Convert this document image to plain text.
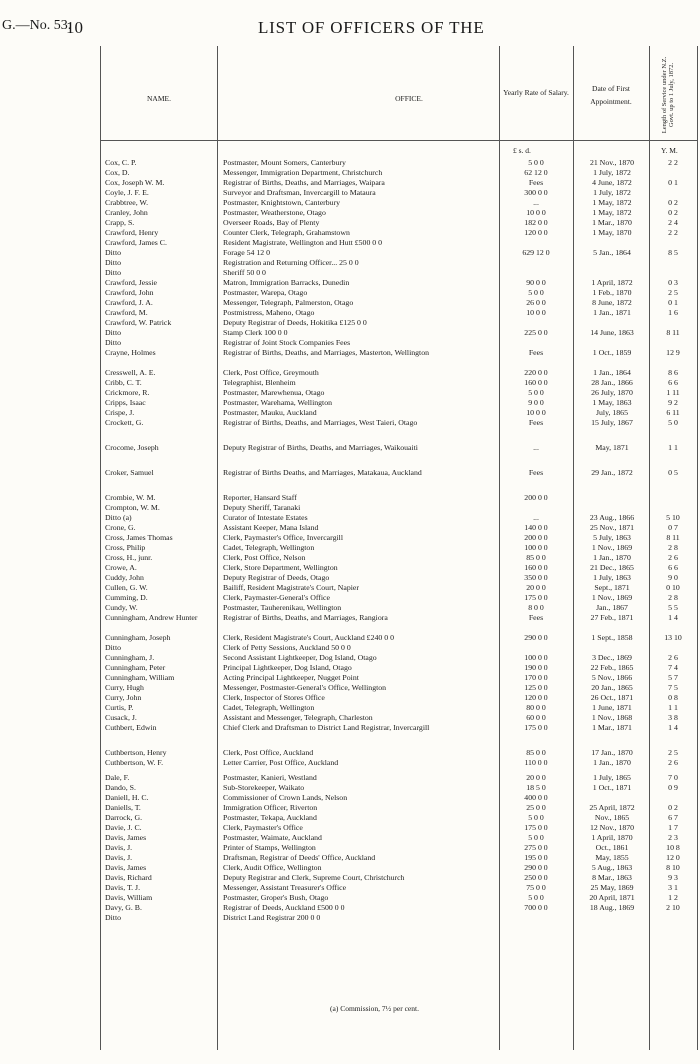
G.—No. 53.
10	LIST OF OFFICERS OF THE
NAME.	OFFICE.
Yearly Rate of Salary.	Date of First Appointment.	Length of Service under N.Z. Govt. up to 1 July, 1872.
£ s. d.	Y. M.
Cox, C. P.	Postmaster, Mount Somers, Canterbury	5 0 0	21 Nov., 1870	2 2
Cox, D.	Messenger, Immigration Department, Christchurch	62 12 0	1 July, 1872
Cox, Joseph W. M.	Registrar of Births, Deaths, and Marriages, Waipara	Fees	4 June, 1872	0 1
Coyle, J. F. E.	Surveyor and Draftsman, Invercargill to Mataura	300 0 0	1 July, 1872
Crabbtree, W.	Postmaster, Knightstown, Canterbury	...	1 May, 1872	0 2
Cranley, John	Postmaster, Weatherstone, Otago	10 0 0	1 May, 1872	0 2
Crapp, S.	Overseer Roads, Bay of Plenty	182 0 0	1 Mar., 1870	2 4
Crawford, Henry	Counter Clerk, Telegraph, Grahamstown	120 0 0	1 May, 1870	2 2
Crawford, James C.	Resident Magistrate, Wellington and Hutt £500 0 0
Ditto	Forage 54 12 0	629 12 0	5 Jan., 1864	8 5
Ditto	Registration and Returning Officer... 25 0 0
Ditto	Sheriff 50 0 0
Crawford, Jessie	Matron, Immigration Barracks, Dunedin	90 0 0	1 April, 1872	0 3
Crawford, John	Postmaster, Warepa, Otago	5 0 0	1 Feb., 1870	2 5
Crawford, J. A.	Messenger, Telegraph, Palmerston, Otago	26 0 0	8 June, 1872	0 1
Crawford, M.	Postmistress, Maheno, Otago	10 0 0	1 Jan., 1871	1 6
Crawford, W. Patrick	Deputy Registrar of Deeds, Hokitika £125 0 0
Ditto	Stamp Clerk 100 0 0	225 0 0	14 June, 1863	8 11
Ditto	Registrar of Joint Stock Companies Fees
Crayne, Holmes	Registrar of Births, Deaths, and Marriages, Masterton, Wellington	Fees	1 Oct., 1859	12 9
Cresswell, A. E.	Clerk, Post Office, Greymouth	220 0 0	1 Jan., 1864	8 6
Cribb, C. T.	Telegraphist, Blenheim	160 0 0	28 Jan., 1866	6 6
Crickmore, R.	Postmaster, Marewhenua, Otago	5 0 0	26 July, 1870	1 11
Cripps, Isaac	Postmaster, Warehama, Wellington	9 0 0	1 May, 1863	9 2
Crispe, J.	Postmaster, Mauku, Auckland	10 0 0	July, 1865	6 11
Crockett, G.	Registrar of Births, Deaths, and Marriages, West Taieri, Otago	Fees	15 July, 1867	5 0
Crocome, Joseph	Deputy Registrar of Births, Deaths, and Marriages, Waikouaiti	...	May, 1871	1 1
Croker, Samuel	Registrar of Births Deaths, and Marriages, Matakaua, Auckland	Fees	29 Jan., 1872	0 5
Crombie, W. M.	Reporter, Hansard Staff	200 0 0
Crompton, W. M.	Deputy Sheriff, Taranaki
Ditto (a)	Curator of Intestate Estates	...	23 Aug., 1866	5 10
Crone, G.	Assistant Keeper, Mana Island	140 0 0	25 Nov., 1871	0 7
Cross, James Thomas	Clerk, Paymaster's Office, Invercargill	200 0 0	5 July, 1863	8 11
Cross, Philip	Cadet, Telegraph, Wellington	100 0 0	1 Nov., 1869	2 8
Cross, H., junr.	Clerk, Post Office, Nelson	85 0 0	1 Jan., 1870	2 6
Crowe, A.	Clerk, Store Department, Wellington	160 0 0	21 Dec., 1865	6 6
Cuddy, John	Deputy Registrar of Deeds, Otago	350 0 0	1 July, 1863	9 0
Cullen, G. W.	Bailiff, Resident Magistrate's Court, Napier	20 0 0	Sept., 1871	0 10
Cumming, D.	Clerk, Paymaster-General's Office	175 0 0	1 Nov., 1869	2 8
Cundy, W.	Postmaster, Tauherenikau, Wellington	8 0 0	Jan., 1867	5 5
Cunningham, Andrew Hunter	Registrar of Births, Deaths, and Marriages, Rangiora	Fees	27 Feb., 1871	1 4
Cunningham, Joseph	Clerk, Resident Magistrate's Court, Auckland £240 0 0	290 0 0	1 Sept., 1858	13 10
Ditto	Clerk of Petty Sessions, Auckland 50 0 0
Cunningham, J.	Second Assistant Lightkeeper, Dog Island, Otago	100 0 0	3 Dec., 1869	2 6
Cunningham, Peter	Principal Lightkeeper, Dog Island, Otago	190 0 0	22 Feb., 1865	7 4
Cunningham, William	Acting Principal Lightkeeper, Nugget Point	170 0 0	5 Nov., 1866	5 7
Curry, Hugh	Messenger, Postmaster-General's Office, Wellington	125 0 0	20 Jan., 1865	7 5
Curry, John	Clerk, Inspector of Stores Office	120 0 0	26 Oct., 1871	0 8
Curtis, P.	Cadet, Telegraph, Wellington	80 0 0	1 June, 1871	1 1
Cusack, J.	Assistant and Messenger, Telegraph, Charleston	60 0 0	1 Nov., 1868	3 8
Cuthbert, Edwin	Chief Clerk and Draftsman to District Land Registrar, Invercargill	175 0 0	1 Mar., 1871	1 4
Cuthbertson, Henry	Clerk, Post Office, Auckland	85 0 0	17 Jan., 1870	2 5
Cuthbertson, W. F.	Letter Carrier, Post Office, Auckland	110 0 0	1 Jan., 1870	2 6
Dale, F.	Postmaster, Kanieri, Westland	20 0 0	1 July, 1865	7 0
Dando, S.	Sub-Storekeeper, Waikato	18 5 0	1 Oct., 1871	0 9
Daniell, H. C.	Commissioner of Crown Lands, Nelson	400 0 0
Daniells, T.	Immigration Officer, Riverton	25 0 0	25 April, 1872	0 2
Darrock, G.	Postmaster, Tekapa, Auckland	5 0 0	Nov., 1865	6 7
Davie, J. C.	Clerk, Paymaster's Office	175 0 0	12 Nov., 1870	1 7
Davis, James	Postmaster, Waimate, Auckland	5 0 0	1 April, 1870	2 3
Davis, J.	Printer of Stamps, Wellington	275 0 0	Oct., 1861	10 8
Davis, J.	Draftsman, Registrar of Deeds' Office, Auckland	195 0 0	May, 1855	12 0
Davis, James	Clerk, Audit Office, Wellington	290 0 0	5 Aug., 1863	8 10
Davis, Richard	Deputy Registrar and Clerk, Supreme Court, Christchurch	250 0 0	8 Mar., 1863	9 3
Davis, T. J.	Messenger, Assistant Treasurer's Office	75 0 0	25 May, 1869	3 1
Davis, William	Postmaster, Groper's Bush, Otago	5 0 0	20 April, 1871	1 2
Davy, G. B.	Registrar of Deeds, Auckland £500 0 0	700 0 0	18 Aug., 1869	2 10
Ditto	District Land Registrar 200 0 0
(a) Commission, 7½ per cent.
